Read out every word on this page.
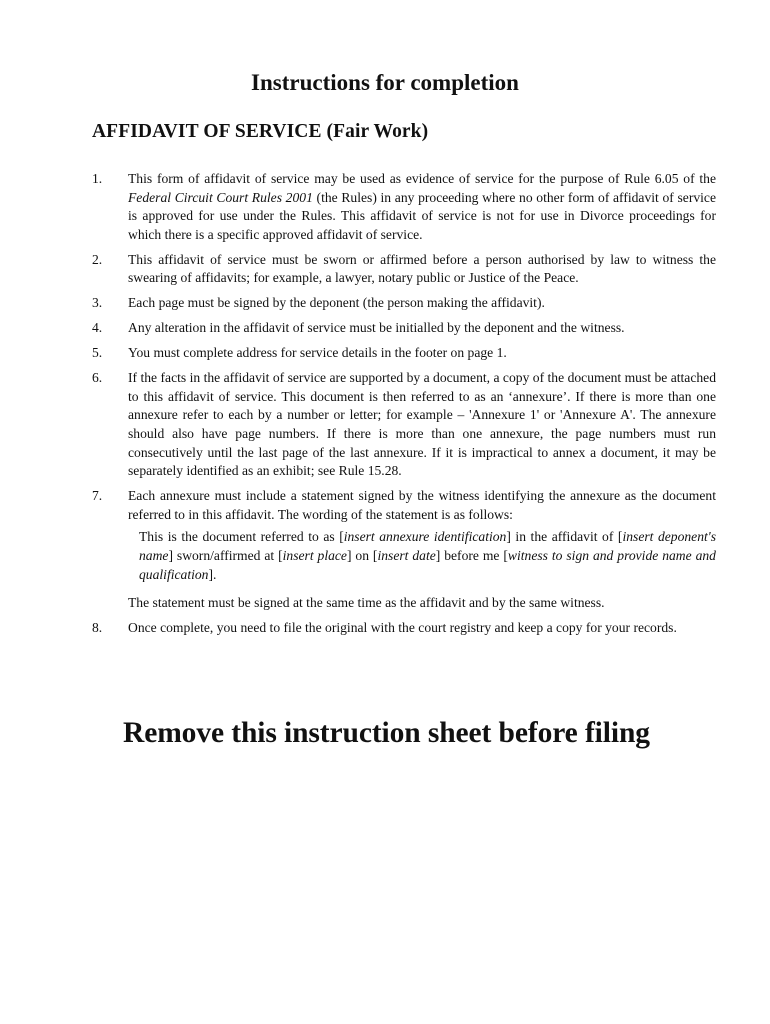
Instructions for completion
AFFIDAVIT OF SERVICE (Fair Work)
1.	This form of affidavit of service may be used as evidence of service for the purpose of Rule 6.05 of the Federal Circuit Court Rules 2001 (the Rules) in any proceeding where no other form of affidavit of service is approved for use under the Rules. This affidavit of service is not for use in Divorce proceedings for which there is a specific approved affidavit of service.
2.	This affidavit of service must be sworn or affirmed before a person authorised by law to witness the swearing of affidavits; for example, a lawyer, notary public or Justice of the Peace.
3.	Each page must be signed by the deponent (the person making the affidavit).
4.	Any alteration in the affidavit of service must be initialled by the deponent and the witness.
5.	You must complete address for service details in the footer on page 1.
6.	If the facts in the affidavit of service are supported by a document, a copy of the document must be attached to this affidavit of service. This document is then referred to as an ‘annexure’. If there is more than one annexure refer to each by a number or letter; for example – 'Annexure 1' or 'Annexure A'. The annexure should also have page numbers. If there is more than one annexure, the page numbers must run consecutively until the last page of the last annexure. If it is impractical to annex a document, it may be separately identified as an exhibit; see Rule 15.28.
7.	Each annexure must include a statement signed by the witness identifying the annexure as the document referred to in this affidavit. The wording of the statement is as follows:
This is the document referred to as [insert annexure identification] in the affidavit of [insert deponent's name] sworn/affirmed at [insert place] on [insert date] before me [witness to sign and provide name and qualification].
The statement must be signed at the same time as the affidavit and by the same witness.
8.	Once complete, you need to file the original with the court registry and keep a copy for your records.
Remove this instruction sheet before filing
